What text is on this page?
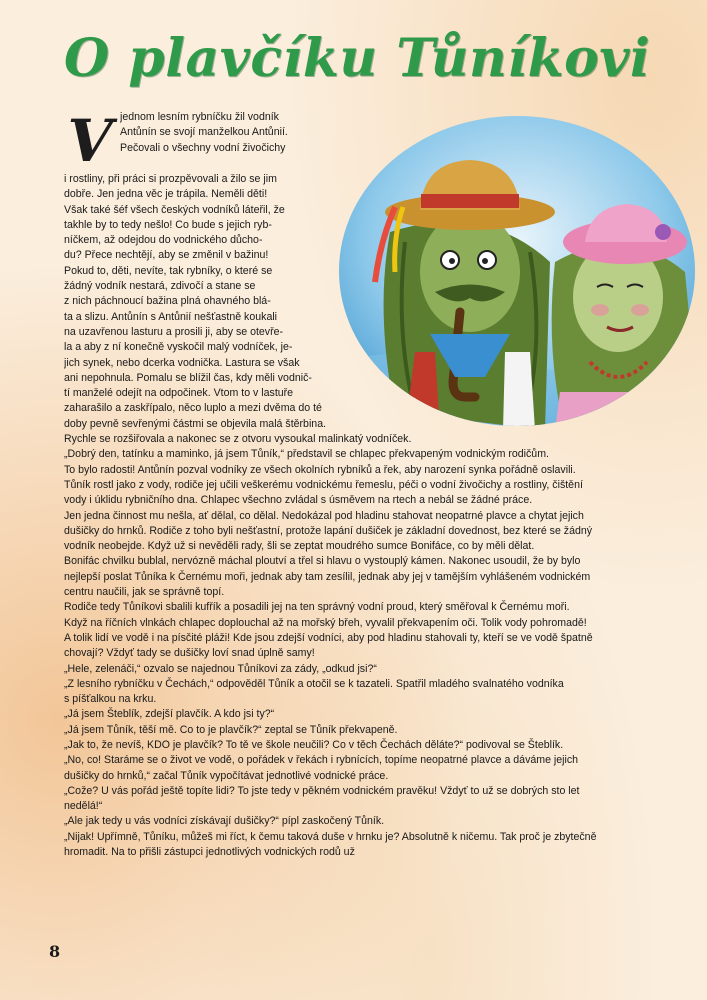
O plavčíku Tůníkovi
V jednom lesním rybníčku žil vodník
Antůnín se svojí manželkou Antůnií.
Pečovali o všechny vodní živočichy
i rostliny, při práci si prozpěvovali a žilo se jim
dobře. Jen jedna věc je trápila. Neměli děti!
Však také šéf všech českých vodníků láteřil, že
takhle by to tedy nešlo! Co bude s jejich ryb-
níčkem, až odejdou do vodnického důcho-
du? Přece nechtějí, aby se změnil v bažinu!
Pokud to, děti, nevíte, tak rybníky, o které se
žádný vodník nestará, zdivočí a stane se
z nich páchnoucí bažina plná ohavného blá-
ta a slizu. Antůnín s Antůnií nešťastně koukali
na uzavřenou lasturu a prosili ji, aby se otevře-
la a aby z ní konečně vyskočil malý vodníček, je-
jich synek, nebo dcerka vodnička. Lastura se však
ani nepohnula. Pomalu se blížil čas, kdy měli vodnič-
tí manželé odejít na odpočinek. Vtom to v lastuře
zaharašilo a zaskřípalo, něco luplo a mezi dvěma do té
doby pevně sevřenými částmi se objevila malá štěrbina.
Rychle se rozšiřovala a nakonec se z otvoru vysoukal malinkatý vodníček.
„Dobrý den, tatínku a maminko, já jsem Tůník,“ představil se chlapec překvapeným vodnickým rodičům.
To bylo radosti! Antůnín pozval vodníky ze všech okolních rybníků a řek, aby narození synka pořádně oslavili.
Tůník rostl jako z vody, rodiče jej učili veškerému vodnickému řemeslu, péči o vodní živočichy a rostliny, čištění
vody i úklidu rybničního dna. Chlapec všechno zvládal s úsměvem na rtech a nebál se žádné práce.
Jen jedna činnost mu nešla, ať dělal, co dělal. Nedokázal pod hladinu stahovat neopatrné plavce a chytat jejich
dušičky do hrnků. Rodiče z toho byli nešťastní, protože lapání dušiček je základní dovednost, bez které se žádný
vodník neobejde. Když už si nevěděli rady, šli se zeptat moudrého sumce Bonifáce, co by měli dělat.
Bonifác chvilku bublal, nervózně máchal ploutví a třel si hlavu o vystouplý kámen. Nakonec usoudil, že by bylo
nejlepší poslat Tůníka k Černému moři, jednak aby tam zesílil, jednak aby jej v tamějším vyhlášeném vodnickém
centru naučili, jak se správně topí.
Rodiče tedy Tůníkovi sbalili kufřík a posadili jej na ten správný vodní proud, který směřoval k Černému moři.
Když na říčních vlnkách chlapec doplouchal až na mořský břeh, vyvalil překvapením oči. Tolik vody pohromadě!
A tolik lidí ve vodě i na písčité pláži! Kde jsou zdejší vodníci, aby pod hladinu stahovali ty, kteří se ve vodě špatně
chovají? Vždyť tady se dušičky loví snad úplně samy!
„Hele, zelenáči,“ ozvalo se najednou Tůníkovi za zády, „odkud jsi?“
„Z lesního rybníčku v Čechách,“ odpověděl Tůník a otočil se k tazateli. Spatřil mladého svalnatého vodníka
s píšťalkou na krku.
„Já jsem Šteblík, zdejší plavčík. A kdo jsi ty?“
„Já jsem Tůník, těší mě. Co to je plavčík?“ zeptal se Tůník překvapeně.
„Jak to, že nevíš, KDO je plavčík? To tě ve škole neučili? Co v těch Čechách děláte?“ podivoval se Šteblík.
„No, co! Staráme se o život ve vodě, o pořádek v řekách i rybnících, topíme neopatrné plavce a dáváme jejich
dušičky do hrnků,“ začal Tůník vypočítávat jednotlivé vodnické práce.
„Cože? U vás pořád ještě topíte lidi? To jste tedy v pěkném vodnickém pravěku! Vždyť to už se dobrých sto let
nedělá!“
„Ale jak tedy u vás vodníci získávají dušičky?“ pípl zaskočený Tůník.
„Nijak! Upřímně, Tůníku, můžeš mi říct, k čemu taková duše v hrnku je? Absolutně k ničemu. Tak proč je zbytečně
hromadit. Na to přišli zástupci jednotlivých vodnických rodů už
8
